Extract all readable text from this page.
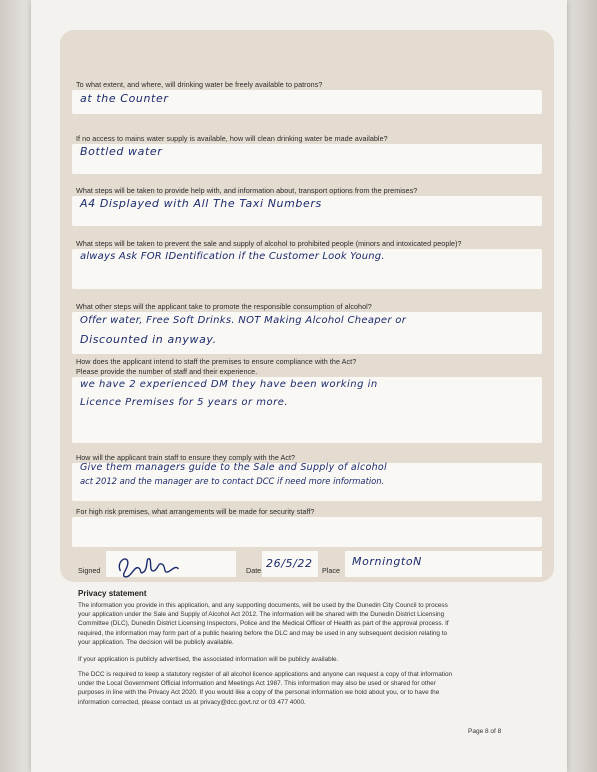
To what extent, and where, will drinking water be freely available to patrons?
at the Counter
If no access to mains water supply is available, how will clean drinking water be made available?
Bottled water
What steps will be taken to provide help with, and information about, transport options from the premises?
A4 Displayed with All The Taxi Numbers
What steps will be taken to prevent the sale and supply of alcohol to prohibited people (minors and intoxicated people)?
always Ask FOR IDentification if the Customer Look Young.
What other steps will the applicant take to promote the responsible consumption of alcohol?
Offer water, Free Soft Drinks. NOT Making Alcohol Cheaper or
Discounted in anyway.
How does the applicant intend to staff the premises to ensure compliance with the Act?
Please provide the number of staff and their experience.
we have 2 experienced DM they have been working in
Licence Premises for 5 years or more.
How will the applicant train staff to ensure they comply with the Act?
Give them managers guide to the Sale and Supply of alcohol
act 2012 and the manager are to contact DCC if need more information.
For high risk premises, what arrangements will be made for security staff?
Signed	Date
26/5/22
Place
MorningtoN
Privacy statement
The information you provide in this application, and any supporting documents, will be used by the Dunedin City Council to process
your application under the Sale and Supply of Alcohol Act 2012. The information will be shared with the Dunedin District Licensing
Committee (DLC), Dunedin District Licensing Inspectors, Police and the Medical Officer of Health as part of the approval process. If
required, the information may form part of a public hearing before the DLC and may be used in any subsequent decision relating to
your application. The decision will be publicly available.
If your application is publicly advertised, the associated information will be publicly available.
The DCC is required to keep a statutory register of all alcohol licence applications and anyone can request a copy of that information
under the Local Government Official Information and Meetings Act 1987. This information may also be used or shared for other
purposes in line with the Privacy Act 2020. If you would like a copy of the personal information we hold about you, or to have the
information corrected, please contact us at privacy@dcc.govt.nz or 03 477 4000.
Page 8 of 8
